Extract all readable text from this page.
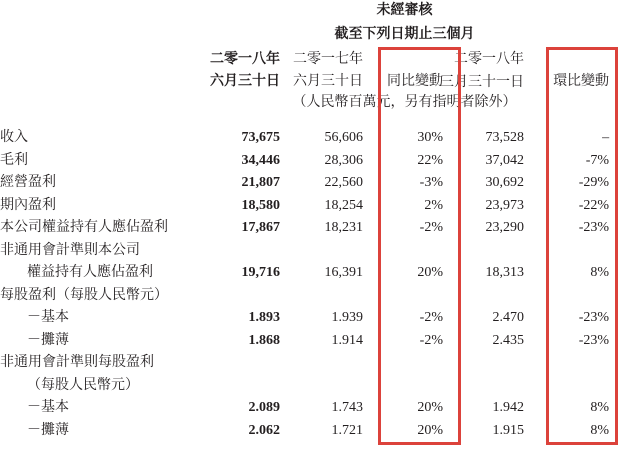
	未經審核					
	截至下列日期止三個月					
	二零一八年	二零一七年		二零一八年		
	六月三十日	六月三十日	同比變動	三月三十一日	環比變動	
	（人民幣百萬元，另有指明者除外）					

收入	73,675	56,606	30%	73,528	–	
毛利	34,446	28,306	22%	37,042	-7%	
經營盈利	21,807	22,560	-3%	30,692	-29%	
期內盈利	18,580	18,254	2%	23,973	-22%	
本公司權益持有人應佔盈利	17,867	18,231	-2%	23,290	-23%	
非通用會計準則本公司						
權益持有人應佔盈利	19,716	16,391	20%	18,313	8%	
每股盈利（每股人民幣元）						
－基本	1.893	1.939	-2%	2.470	-23%	
－攤薄	1.868	1.914	-2%	2.435	-23%	
非通用會計準則每股盈利						
（每股人民幣元）						
－基本	2.089	1.743	20%	1.942	8%	
－攤薄	2.062	1.721	20%	1.915	8%	
